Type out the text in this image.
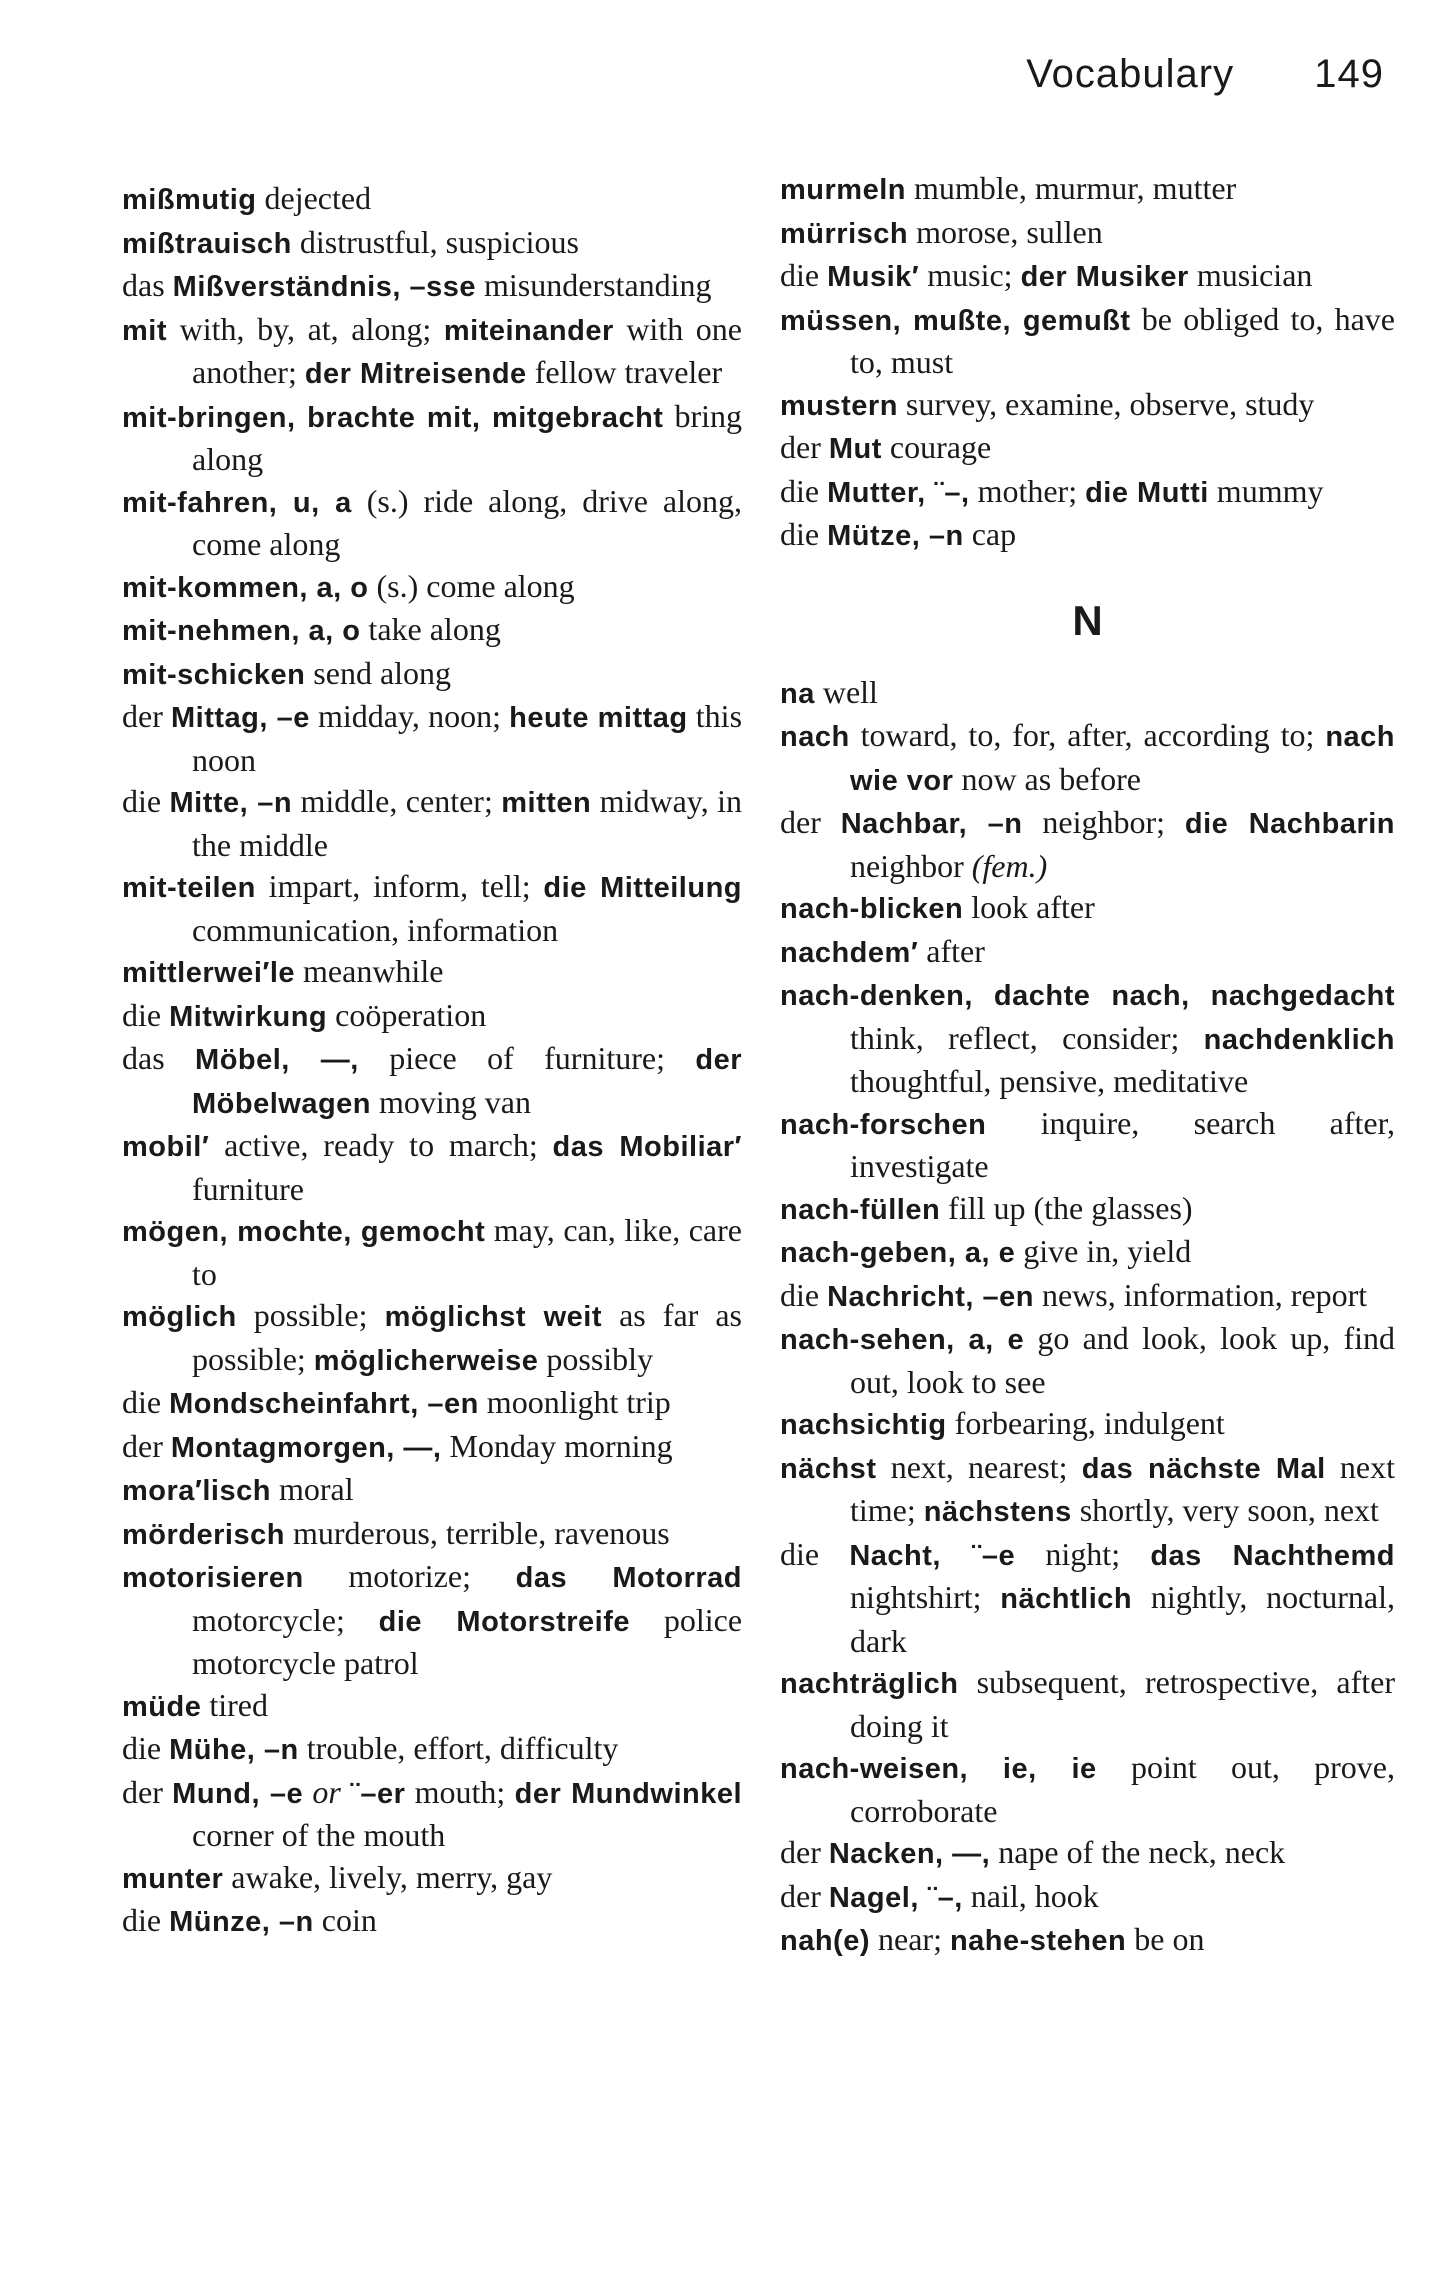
Vocabulary 149

mißmutig dejected

mißtrauisch distrustful, suspicious

das Mißverständnis, –sse misunderstanding

mit with, by, at, along; miteinander with one another; der Mitreisende fellow traveler

mit-bringen, brachte mit, mitgebracht bring along

mit-fahren, u, a (s.) ride along, drive along, come along

mit-kommen, a, o (s.) come along

mit-nehmen, a, o take along

mit-schicken send along

der Mittag, –e midday, noon; heute mittag this noon

die Mitte, –n middle, center; mitten midway, in the middle

mit-teilen impart, inform, tell; die Mitteilung communication, information

mittlerwei′le meanwhile

die Mitwirkung coöperation

das Möbel, —, piece of furniture; der Möbelwagen moving van

mobil′ active, ready to march; das Mobiliar′ furniture

mögen, mochte, gemocht may, can, like, care to

möglich possible; möglichst weit as far as possible; möglicherweise possibly

die Mondscheinfahrt, –en moonlight trip

der Montagmorgen, —, Monday morning

mora′lisch moral

mörderisch murderous, terrible, ravenous

motorisieren motorize; das Motorrad motorcycle; die Motorstreife police motorcycle patrol

müde tired

die Mühe, –n trouble, effort, difficulty

der Mund, –e or ¨–er mouth; der Mundwinkel corner of the mouth

munter awake, lively, merry, gay

die Münze, –n coin

murmeln mumble, murmur, mutter

mürrisch morose, sullen

die Musik′ music; der Musiker musician

müssen, mußte, gemußt be obliged to, have to, must

mustern survey, examine, observe, study

der Mut courage

die Mutter, ¨–, mother; die Mutti mummy

die Mütze, –n cap

N

na well

nach toward, to, for, after, according to; nach wie vor now as before

der Nachbar, –n neighbor; die Nachbarin neighbor (fem.)

nach-blicken look after

nachdem′ after

nach-denken, dachte nach, nachgedacht think, reflect, consider; nachdenklich thoughtful, pensive, meditative

nach-forschen inquire, search after, investigate

nach-füllen fill up (the glasses)

nach-geben, a, e give in, yield

die Nachricht, –en news, information, report

nach-sehen, a, e go and look, look up, find out, look to see

nachsichtig forbearing, indulgent

nächst next, nearest; das nächste Mal next time; nächstens shortly, very soon, next

die Nacht, ¨–e night; das Nachthemd nightshirt; nächtlich nightly, nocturnal, dark

nachträglich subsequent, retrospective, after doing it

nach-weisen, ie, ie point out, prove, corroborate

der Nacken, —, nape of the neck, neck

der Nagel, ¨–, nail, hook

nah(e) near; nahe-stehen be on
